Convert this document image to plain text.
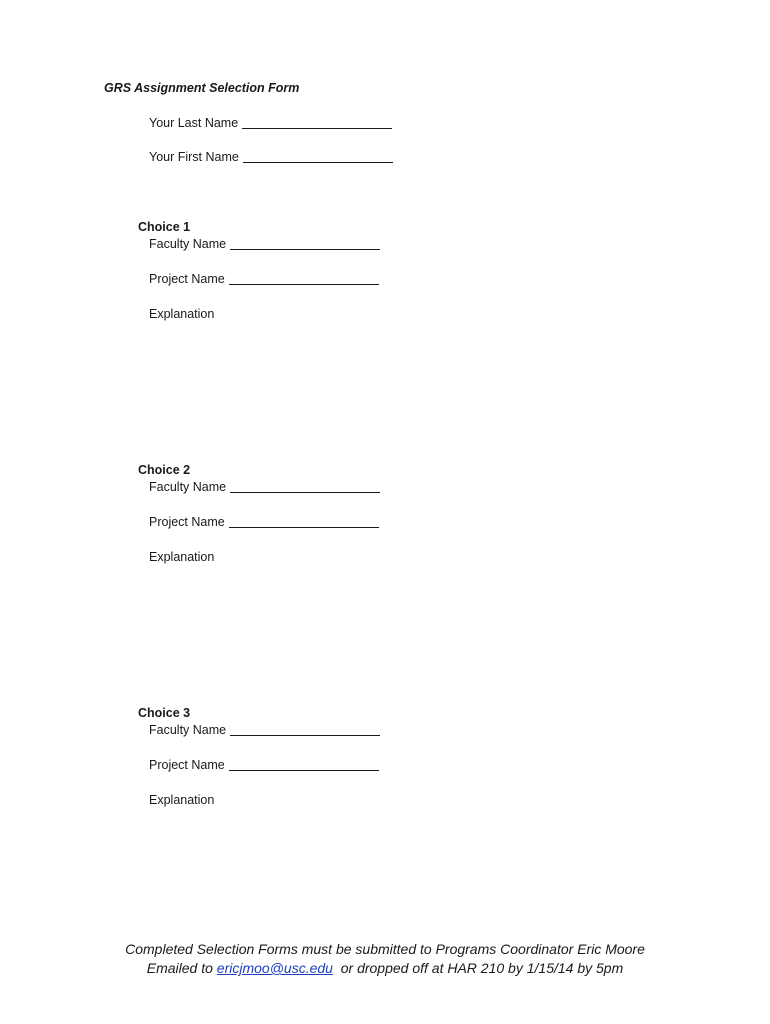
GRS Assignment Selection Form
Your Last Name
Your First Name
Choice 1
Faculty Name
Project Name
Explanation
Choice 2
Faculty Name
Project Name
Explanation
Choice 3
Faculty Name
Project Name
Explanation
Completed Selection Forms must be submitted to Programs Coordinator Eric Moore
Emailed to ericjmoo@usc.edu  or dropped off at HAR 210 by 1/15/14 by 5pm
